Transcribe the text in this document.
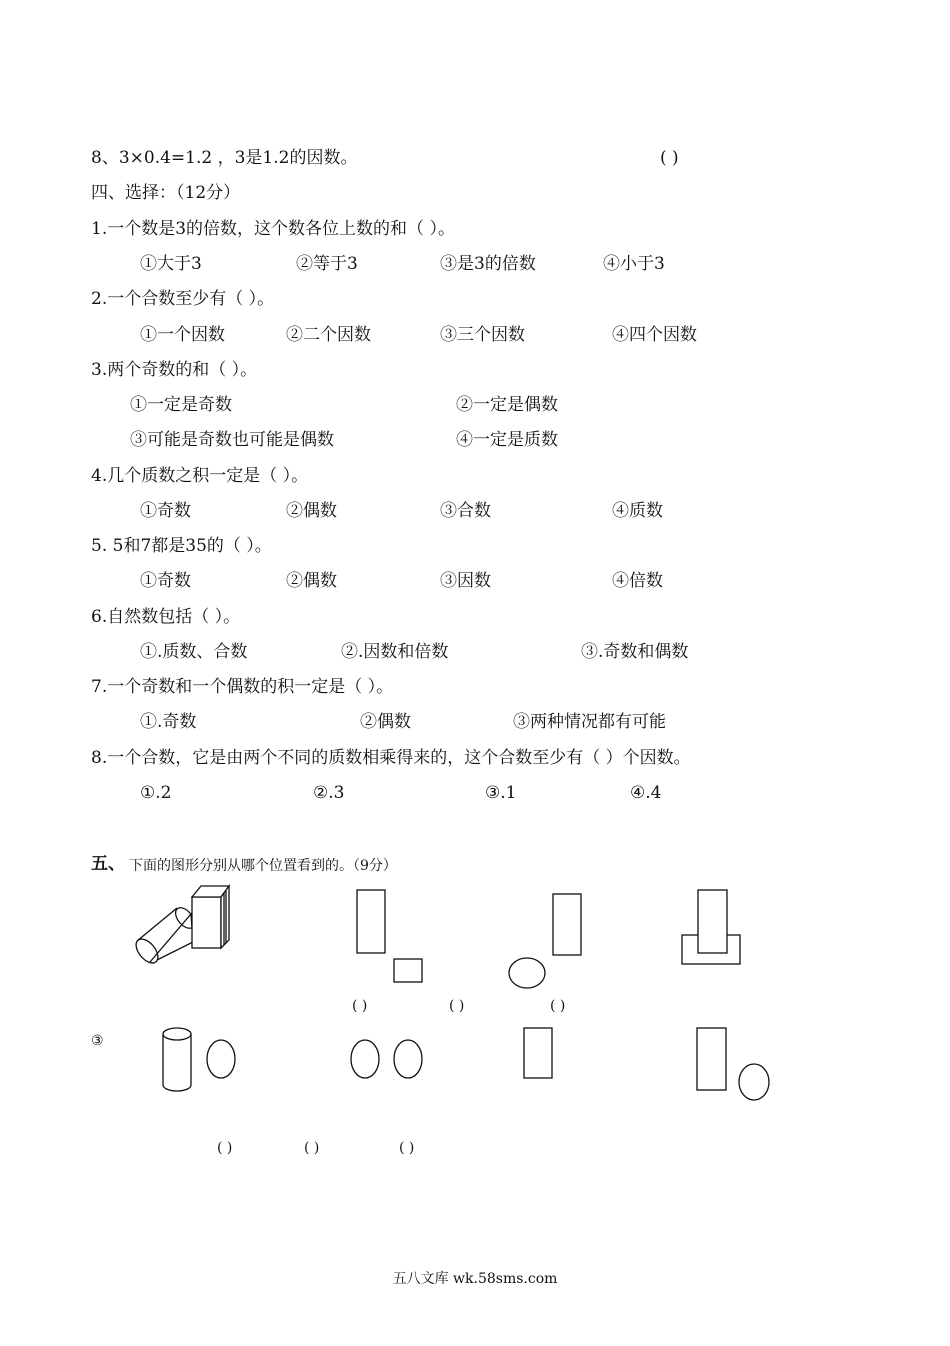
8、3×0.4=1.2 ，3是1.2的因数。	( )
四、选择：（12分）
1.一个数是3的倍数，这个数各位上数的和（ ）。
①大于3	②等于3	③是3的倍数	④小于3
2.一个合数至少有（ ）。
①一个因数	②二个因数	③三个因数	④四个因数
3.两个奇数的和（ ）。
①一定是奇数	②一定是偶数
③可能是奇数也可能是偶数	④一定是质数
4.几个质数之积一定是（ ）。
①奇数	②偶数	③合数	④质数
5. 5和7都是35的（ ）。
①奇数	②偶数	③因数	④倍数
6.自然数包括（ ）。
①.质数、合数	②.因数和倍数	③.奇数和偶数
7.一个奇数和一个偶数的积一定是（ ）。
①.奇数	②偶数	③两种情况都有可能
8.一个合数，它是由两个不同的质数相乘得来的，这个合数至少有（ ）个因数。
①.2	②.3	③.1	④.4
五、 下面的图形分别从哪个位置看到的。（9分）
( )	( )	( )
③
( )	( )	( )
五八文库 wk.58sms.com
